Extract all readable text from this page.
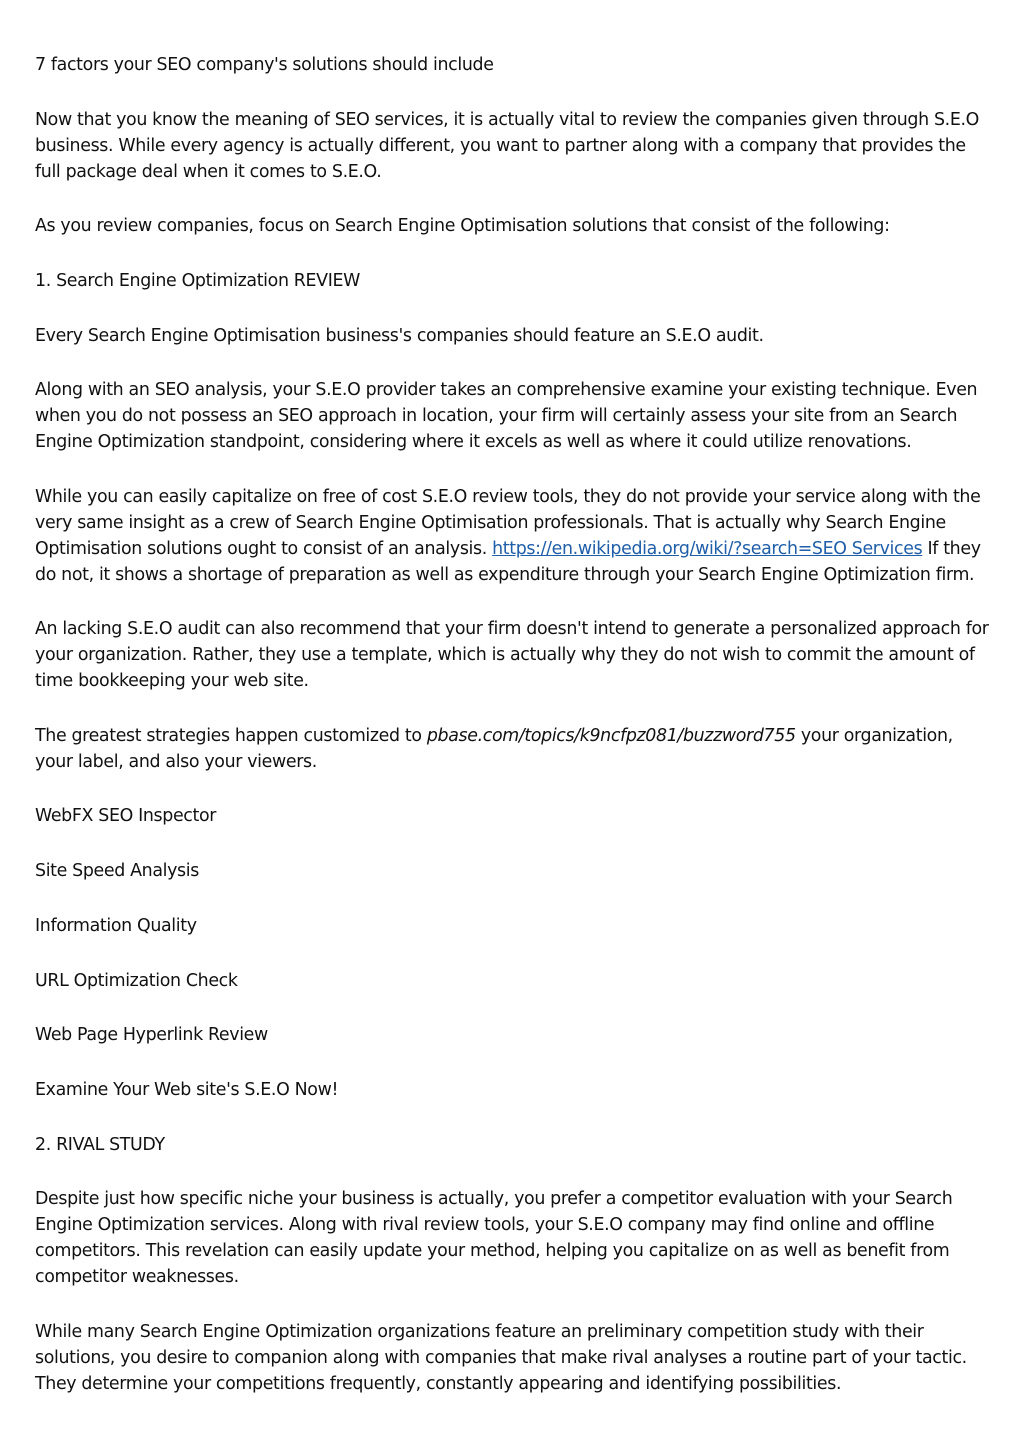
7 factors your SEO company's solutions should include

Now that you know the meaning of SEO services, it is actually vital to review the companies given through S.E.O business. While every agency is actually different, you want to partner along with a company that provides the full package deal when it comes to S.E.O.

As you review companies, focus on Search Engine Optimisation solutions that consist of the following:

1. Search Engine Optimization REVIEW

Every Search Engine Optimisation business's companies should feature an S.E.O audit.

Along with an SEO analysis, your S.E.O provider takes an comprehensive examine your existing technique. Even when you do not possess an SEO approach in location, your firm will certainly assess your site from an Search Engine Optimization standpoint, considering where it excels as well as where it could utilize renovations.

While you can easily capitalize on free of cost S.E.O review tools, they do not provide your service along with the very same insight as a crew of Search Engine Optimisation professionals. That is actually why Search Engine Optimisation solutions ought to consist of an analysis. https://en.wikipedia.org/wiki/?search=SEO Services If they do not, it shows a shortage of preparation as well as expenditure through your Search Engine Optimization firm.

An lacking S.E.O audit can also recommend that your firm doesn't intend to generate a personalized approach for your organization. Rather, they use a template, which is actually why they do not wish to commit the amount of time bookkeeping your web site.

The greatest strategies happen customized to pbase.com/topics/k9ncfpz081/buzzword755 your organization, your label, and also your viewers.

WebFX SEO Inspector

Site Speed Analysis

Information Quality

URL Optimization Check

Web Page Hyperlink Review

Examine Your Web site's S.E.O Now!

2. RIVAL STUDY

Despite just how specific niche your business is actually, you prefer a competitor evaluation with your Search Engine Optimization services. Along with rival review tools, your S.E.O company may find online and offline competitors. This revelation can easily update your method, helping you capitalize on as well as benefit from competitor weaknesses.

While many Search Engine Optimization organizations feature an preliminary competition study with their solutions, you desire to companion along with companies that make rival analyses a routine part of your tactic. They determine your competitions frequently, constantly appearing and identifying possibilities.
